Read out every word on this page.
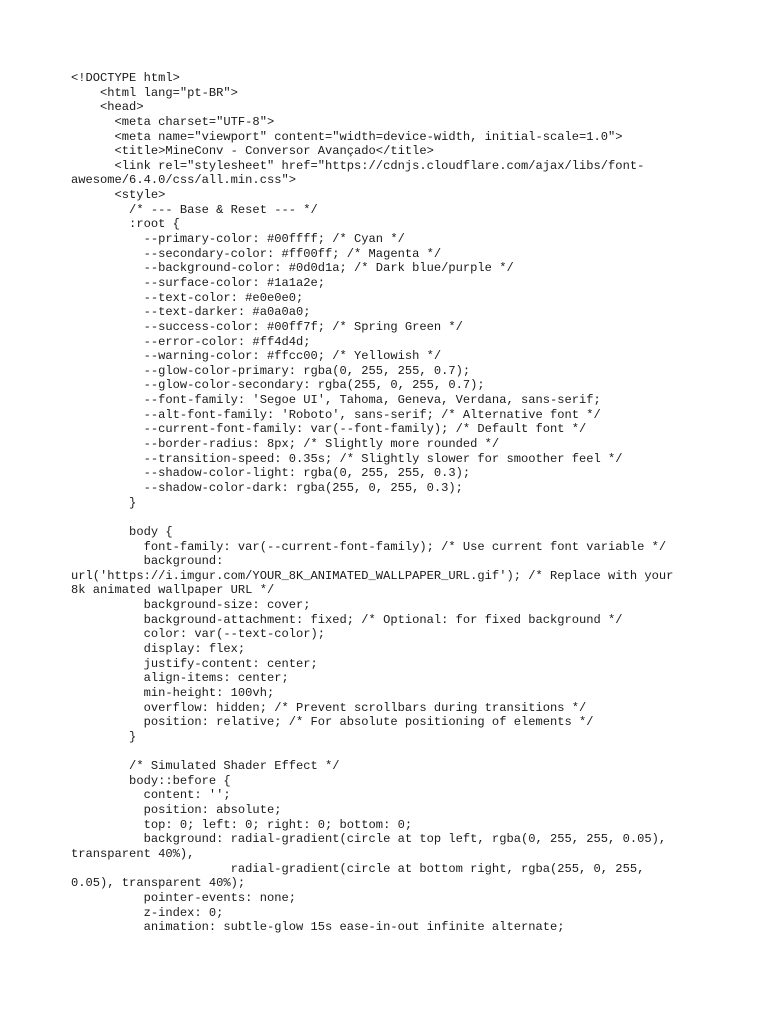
<!DOCTYPE html>
<html lang="pt-BR">
<head>
<meta charset="UTF-8">
<meta name="viewport" content="width=device-width, initial-scale=1.0">
<title>MineConv - Conversor Avançado</title>
<link rel="stylesheet" href="https://cdnjs.cloudflare.com/ajax/libs/font-
awesome/6.4.0/css/all.min.css">
<style>
/* --- Base & Reset --- */
:root {
--primary-color: #00ffff; /* Cyan */
--secondary-color: #ff00ff; /* Magenta */
--background-color: #0d0d1a; /* Dark blue/purple */
--surface-color: #1a1a2e;
--text-color: #e0e0e0;
--text-darker: #a0a0a0;
--success-color: #00ff7f; /* Spring Green */
--error-color: #ff4d4d;
--warning-color: #ffcc00; /* Yellowish */
--glow-color-primary: rgba(0, 255, 255, 0.7);
--glow-color-secondary: rgba(255, 0, 255, 0.7);
--font-family: 'Segoe UI', Tahoma, Geneva, Verdana, sans-serif;
--alt-font-family: 'Roboto', sans-serif; /* Alternative font */
--current-font-family: var(--font-family); /* Default font */
--border-radius: 8px; /* Slightly more rounded */
--transition-speed: 0.35s; /* Slightly slower for smoother feel */
--shadow-color-light: rgba(0, 255, 255, 0.3);
--shadow-color-dark: rgba(255, 0, 255, 0.3);
}
body {
font-family: var(--current-font-family); /* Use current font variable */
background:
url('https://i.imgur.com/YOUR_8K_ANIMATED_WALLPAPER_URL.gif'); /* Replace with your
8k animated wallpaper URL */
background-size: cover;
background-attachment: fixed; /* Optional: for fixed background */
color: var(--text-color);
display: flex;
justify-content: center;
align-items: center;
min-height: 100vh;
overflow: hidden; /* Prevent scrollbars during transitions */
position: relative; /* For absolute positioning of elements */
}
/* Simulated Shader Effect */
body::before {
content: '';
position: absolute;
top: 0; left: 0; right: 0; bottom: 0;
background: radial-gradient(circle at top left, rgba(0, 255, 255, 0.05),
transparent 40%),
radial-gradient(circle at bottom right, rgba(255, 0, 255,
0.05), transparent 40%);
pointer-events: none;
z-index: 0;
animation: subtle-glow 15s ease-in-out infinite alternate;
